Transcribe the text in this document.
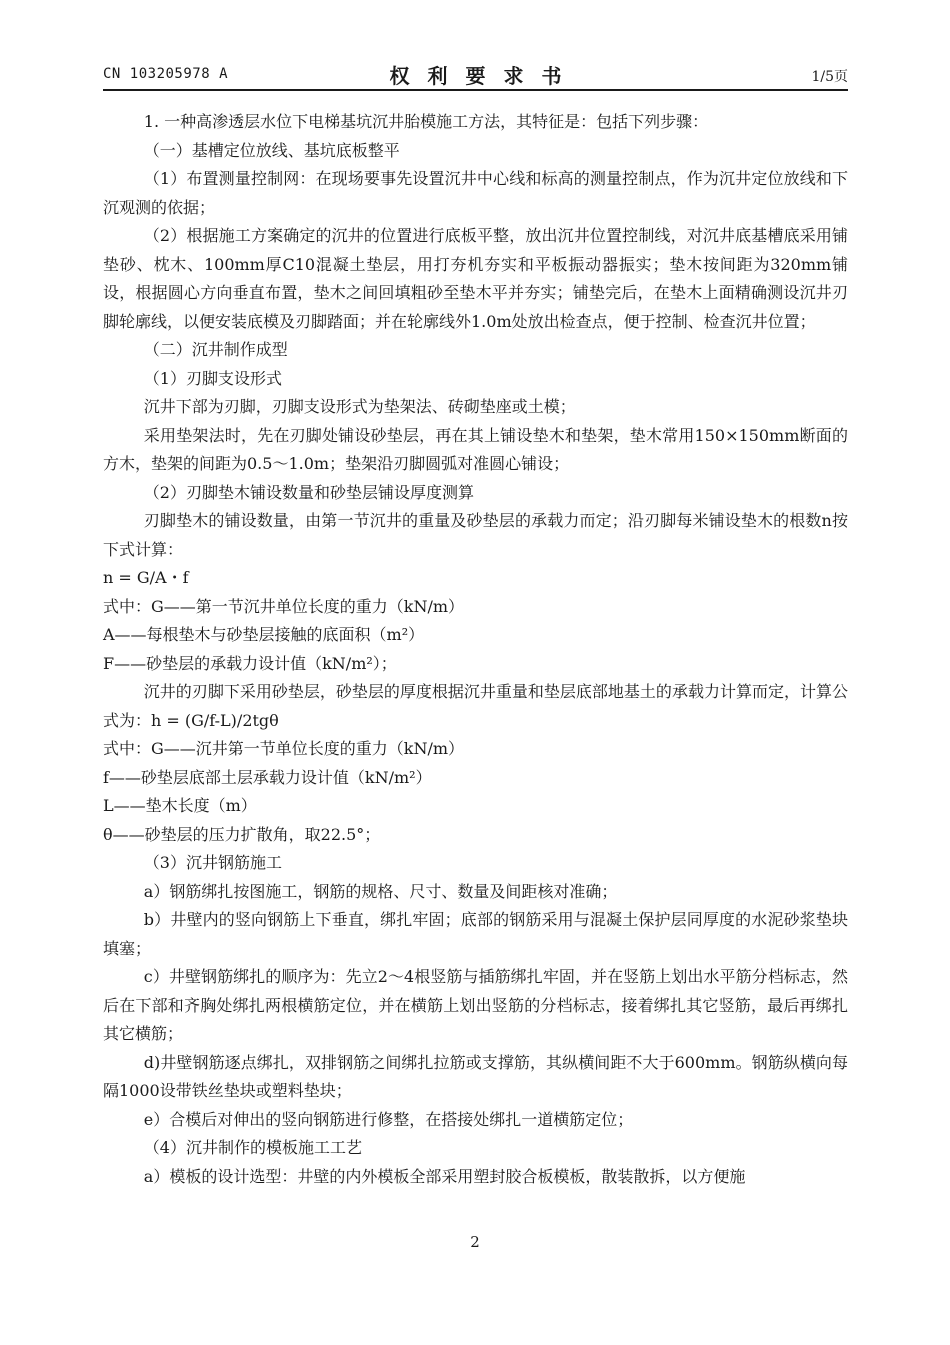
CN 103205978 A	权利要求书	1/5页

1. 一种高渗透层水位下电梯基坑沉井胎模施工方法，其特征是：包括下列步骤：

（一）基槽定位放线、基坑底板整平

（1）布置测量控制网：在现场要事先设置沉井中心线和标高的测量控制点，作为沉井定位放线和下沉观测的依据；

（2）根据施工方案确定的沉井的位置进行底板平整，放出沉井位置控制线，对沉井底基槽底采用铺垫砂、枕木、100mm厚C10混凝土垫层，用打夯机夯实和平板振动器振实；垫木按间距为320mm铺设，根据圆心方向垂直布置，垫木之间回填粗砂至垫木平并夯实；铺垫完后，在垫木上面精确测设沉井刃脚轮廓线，以便安装底模及刃脚踏面；并在轮廓线外1.0m处放出检查点，便于控制、检查沉井位置；

（二）沉井制作成型

（1）刃脚支设形式

沉井下部为刃脚，刃脚支设形式为垫架法、砖砌垫座或土模；

采用垫架法时，先在刃脚处铺设砂垫层，再在其上铺设垫木和垫架，垫木常用150×150mm断面的方木，垫架的间距为0.5～1.0m；垫架沿刃脚圆弧对准圆心铺设；

（2）刃脚垫木铺设数量和砂垫层铺设厚度测算

刃脚垫木的铺设数量，由第一节沉井的重量及砂垫层的承载力而定；沿刃脚每米铺设垫木的根数n按下式计算：

n = G/A・f

式中：G——第一节沉井单位长度的重力（kN/m）

A——每根垫木与砂垫层接触的底面积（m²）

F——砂垫层的承载力设计值（kN/m²）；

沉井的刃脚下采用砂垫层，砂垫层的厚度根据沉井重量和垫层底部地基土的承载力计算而定，计算公式为：h = (G/f-L)/2tgθ

式中：G——沉井第一节单位长度的重力（kN/m）

f——砂垫层底部土层承载力设计值（kN/m²）

L——垫木长度（m）

θ——砂垫层的压力扩散角，取22.5°；

（3）沉井钢筋施工

a）钢筋绑扎按图施工，钢筋的规格、尺寸、数量及间距核对准确；

b）井壁内的竖向钢筋上下垂直，绑扎牢固；底部的钢筋采用与混凝土保护层同厚度的水泥砂浆垫块填塞；

c）井壁钢筋绑扎的顺序为：先立2～4根竖筋与插筋绑扎牢固，并在竖筋上划出水平筋分档标志，然后在下部和齐胸处绑扎两根横筋定位，并在横筋上划出竖筋的分档标志，接着绑扎其它竖筋，最后再绑扎其它横筋；

d)井壁钢筋逐点绑扎，双排钢筋之间绑扎拉筋或支撑筋，其纵横间距不大于600mm。钢筋纵横向每隔1000设带铁丝垫块或塑料垫块；

e）合模后对伸出的竖向钢筋进行修整，在搭接处绑扎一道横筋定位；

（4）沉井制作的模板施工工艺

a）模板的设计选型：井壁的内外模板全部采用塑封胶合板模板，散装散拆，以方便施

2
